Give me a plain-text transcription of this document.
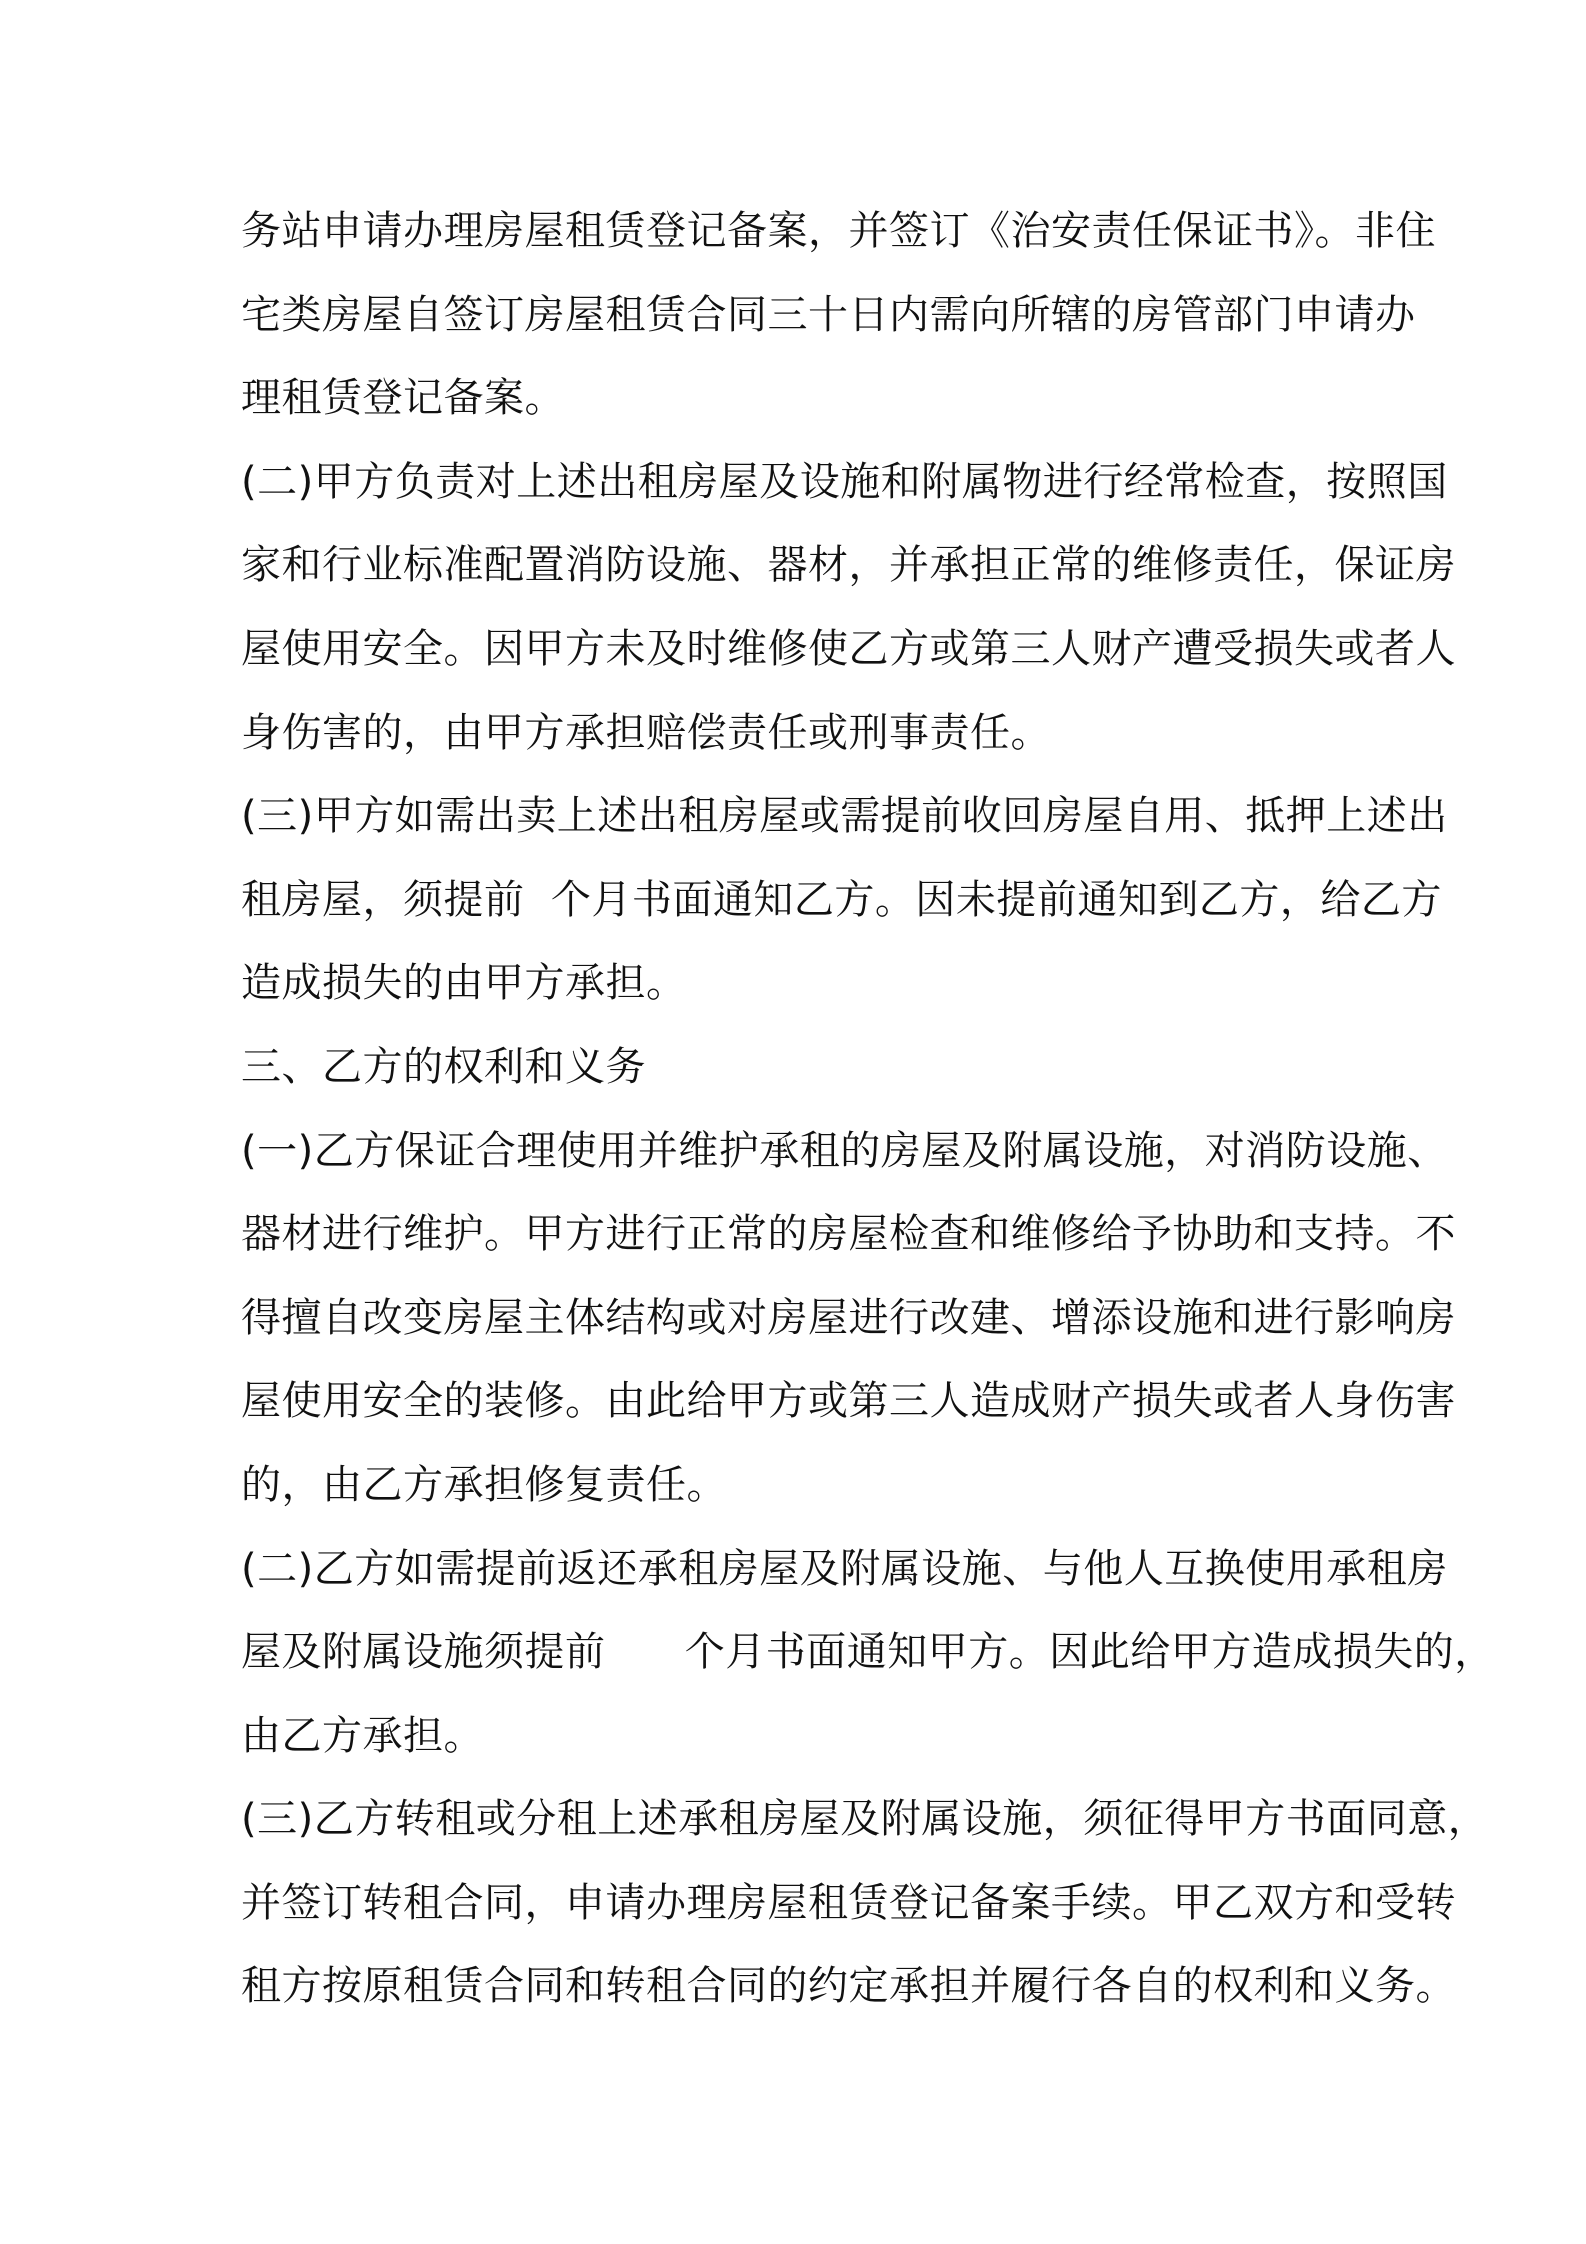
务站申请办理房屋租赁登记备案，并签订《治安责任保证书》。非住
宅类房屋自签订房屋租赁合同三十日内需向所辖的房管部门申请办
理租赁登记备案。
(二)甲方负责对上述出租房屋及设施和附属物进行经常检查，按照国
家和行业标准配置消防设施、器材，并承担正常的维修责任，保证房
屋使用安全。因甲方未及时维修使乙方或第三人财产遭受损失或者人
身伤害的，由甲方承担赔偿责任或刑事责任。
(三)甲方如需出卖上述出租房屋或需提前收回房屋自用、抵押上述出
租房屋，须提前  个月书面通知乙方。因未提前通知到乙方，给乙方
造成损失的由甲方承担。
三、乙方的权利和义务
(一)乙方保证合理使用并维护承租的房屋及附属设施，对消防设施、
器材进行维护。甲方进行正常的房屋检查和维修给予协助和支持。不
得擅自改变房屋主体结构或对房屋进行改建、增添设施和进行影响房
屋使用安全的装修。由此给甲方或第三人造成财产损失或者人身伤害
的，由乙方承担修复责任。
(二)乙方如需提前返还承租房屋及附属设施、与他人互换使用承租房
屋及附属设施须提前      个月书面通知甲方。因此给甲方造成损失的，
由乙方承担。
(三)乙方转租或分租上述承租房屋及附属设施，须征得甲方书面同意，
并签订转租合同，申请办理房屋租赁登记备案手续。甲乙双方和受转
租方按原租赁合同和转租合同的约定承担并履行各自的权利和义务。
